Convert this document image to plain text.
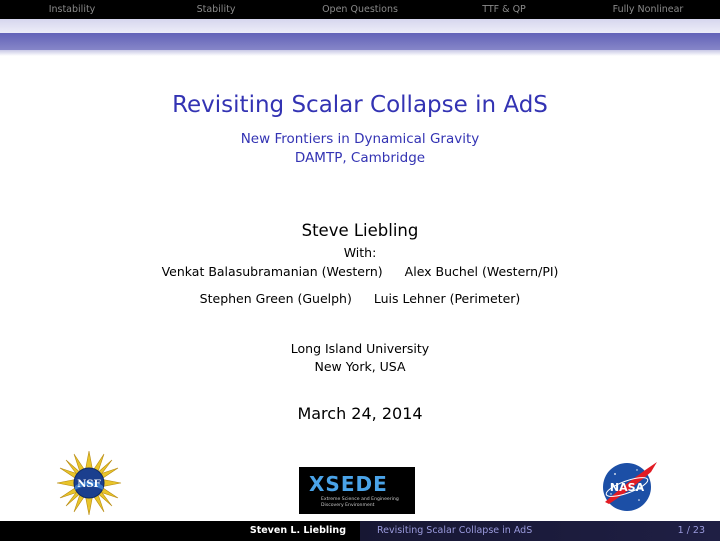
Instability	Stability	Open Questions	TTF & QP	Fully Nonlinear
Revisiting Scalar Collapse in AdS
New Frontiers in Dynamical Gravity
DAMTP, Cambridge
Steve Liebling
With:
Venkat Balasubramanian (Western) Alex Buchel (Western/PI)
Stephen Green (Guelph) Luis Lehner (Perimeter)
Long Island University
New York, USA
March 24, 2014
NSF	XSEDE
Extreme Science and Engineering
Discovery Environment
NASA
Steven L. Liebling	Revisiting Scalar Collapse in AdS	1 / 23
